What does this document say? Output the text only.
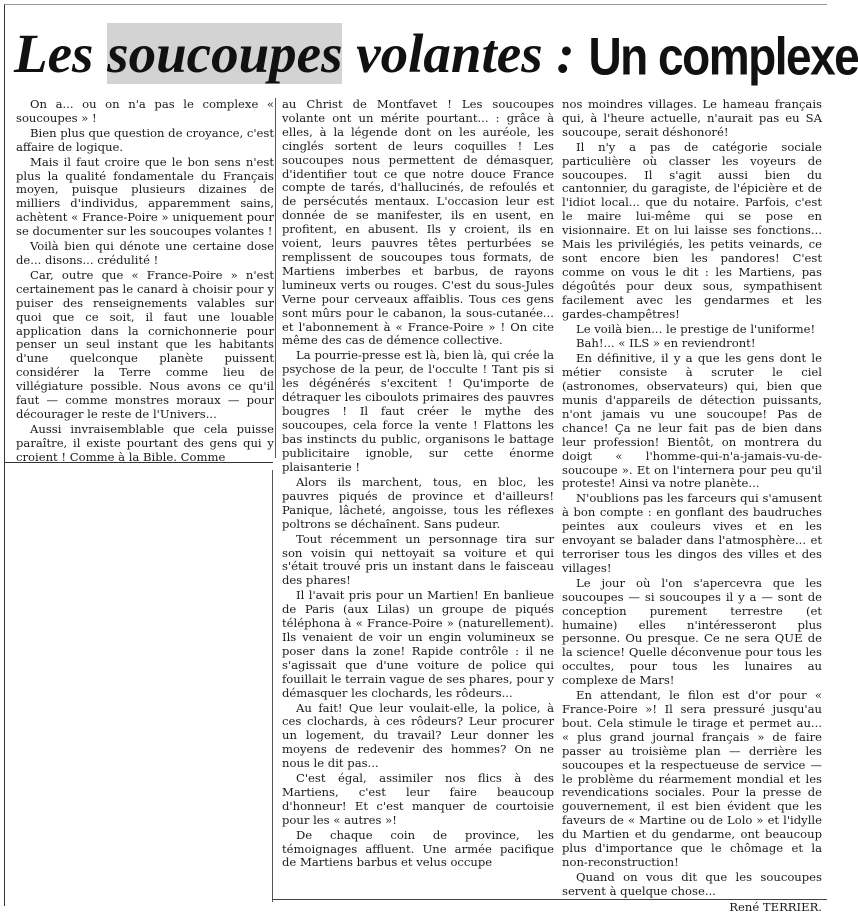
Les soucoupes volantes : Un complexe

On a... ou on n'a pas le complexe « soucoupes » !

Bien plus que question de croyance, c'est affaire de logique.

Mais il faut croire que le bon sens n'est plus la qualité fondamentale du Français moyen, puisque plusieurs dizaines de milliers d'individus, apparemment sains, achètent « France-Poire » uniquement pour se documenter sur les soucoupes volantes !

Voilà bien qui dénote une certaine dose de... disons... crédulité !

Car, outre que « France-Poire » n'est certainement pas le canard à choisir pour y puiser des renseignements valables sur quoi que ce soit, il faut une louable application dans la cornichonnerie pour penser un seul instant que les habitants d'une quelconque planète puissent considérer la Terre comme lieu de villégiature possible. Nous avons ce qu'il faut — comme monstres moraux — pour décourager le reste de l'Univers...

Aussi invraisemblable que cela puisse paraître, il existe pourtant des gens qui y croient ! Comme à la Bible. Comme

au Christ de Montfavet ! Les soucoupes volante ont un mérite pourtant... : grâce à elles, à la légende dont on les auréole, les cinglés sortent de leurs coquilles ! Les soucoupes nous permettent de démasquer, d'identifier tout ce que notre douce France compte de tarés, d'hallucinés, de refoulés et de persécutés mentaux. L'occasion leur est donnée de se manifester, ils en usent, en profitent, en abusent. Ils y croient, ils en voient, leurs pauvres têtes perturbées se remplissent de soucoupes tous formats, de Martiens imberbes et barbus, de rayons lumineux verts ou rouges. C'est du sous-Jules Verne pour cerveaux affaiblis. Tous ces gens sont mûrs pour le cabanon, la sous-cutanée... et l'abonnement à « France-Poire » ! On cite même des cas de démence collective.

La pourrie-presse est là, bien là, qui crée la psychose de la peur, de l'occulte ! Tant pis si les dégénérés s'excitent ! Qu'importe de détraquer les ciboulots primaires des pauvres bougres ! Il faut créer le mythe des soucoupes, cela force la vente ! Flattons les bas instincts du public, organisons le battage publicitaire ignoble, sur cette énorme plaisanterie !

Alors ils marchent, tous, en bloc, les pauvres piqués de province et d'ailleurs! Panique, lâcheté, angoisse, tous les réflexes poltrons se déchaînent. Sans pudeur.

Tout récemment un personnage tira sur son voisin qui nettoyait sa voiture et qui s'était trouvé pris un instant dans le faisceau des phares!

Il l'avait pris pour un Martien! En banlieue de Paris (aux Lilas) un groupe de piqués téléphona à « France-Poire » (naturellement). Ils venaient de voir un engin volumineux se poser dans la zone! Rapide contrôle : il ne s'agissait que d'une voiture de police qui fouillait le terrain vague de ses phares, pour y démasquer les clochards, les rôdeurs...

Au fait! Que leur voulait-elle, la police, à ces clochards, à ces rôdeurs? Leur procurer un logement, du travail? Leur donner les moyens de redevenir des hommes? On ne nous le dit pas...

C'est égal, assimiler nos flics à des Martiens, c'est leur faire beaucoup d'honneur! Et c'est manquer de courtoisie pour les « autres »!

De chaque coin de province, les témoignages affluent. Une armée pacifique de Martiens barbus et velus occupe

nos moindres villages. Le hameau français qui, à l'heure actuelle, n'aurait pas eu SA soucoupe, serait déshonoré!

Il n'y a pas de catégorie sociale particulière où classer les voyeurs de soucoupes. Il s'agit aussi bien du cantonnier, du garagiste, de l'épicière et de l'idiot local... que du notaire. Parfois, c'est le maire lui-même qui se pose en visionnaire. Et on lui laisse ses fonctions... Mais les privilégiés, les petits veinards, ce sont encore bien les pandores! C'est comme on vous le dit : les Martiens, pas dégoûtés pour deux sous, sympathisent facilement avec les gendarmes et les gardes-champêtres!

Le voilà bien... le prestige de l'uniforme!

Bah!... « ILS » en reviendront!

En définitive, il y a que les gens dont le métier consiste à scruter le ciel (astronomes, observateurs) qui, bien que munis d'appareils de détection puissants, n'ont jamais vu une soucoupe! Pas de chance! Ça ne leur fait pas de bien dans leur profession! Bientôt, on montrera du doigt « l'homme-qui-n'a-jamais-vu-de-soucoupe ». Et on l'internera pour peu qu'il proteste! Ainsi va notre planète...

N'oublions pas les farceurs qui s'amusent à bon compte : en gonflant des baudruches peintes aux couleurs vives et en les envoyant se balader dans l'atmosphère... et terroriser tous les dingos des villes et des villages!

Le jour où l'on s'apercevra que les soucoupes — si soucoupes il y a — sont de conception purement terrestre (et humaine) elles n'intéresseront plus personne. Ou presque. Ce ne sera QUE de la science! Quelle déconvenue pour tous les occultes, pour tous les lunaires au complexe de Mars!

En attendant, le filon est d'or pour « France-Poire »! Il sera pressuré jusqu'au bout. Cela stimule le tirage et permet au... « plus grand journal français » de faire passer au troisième plan — derrière les soucoupes et la respectueuse de service — le problème du réarmement mondial et les revendications sociales. Pour la presse de gouvernement, il est bien évident que les faveurs de « Martine ou de Lolo » et l'idylle du Martien et du gendarme, ont beaucoup plus d'importance que le chômage et la non-reconstruction!

Quand on vous dit que les soucoupes servent à quelque chose...

René TERRIER.
